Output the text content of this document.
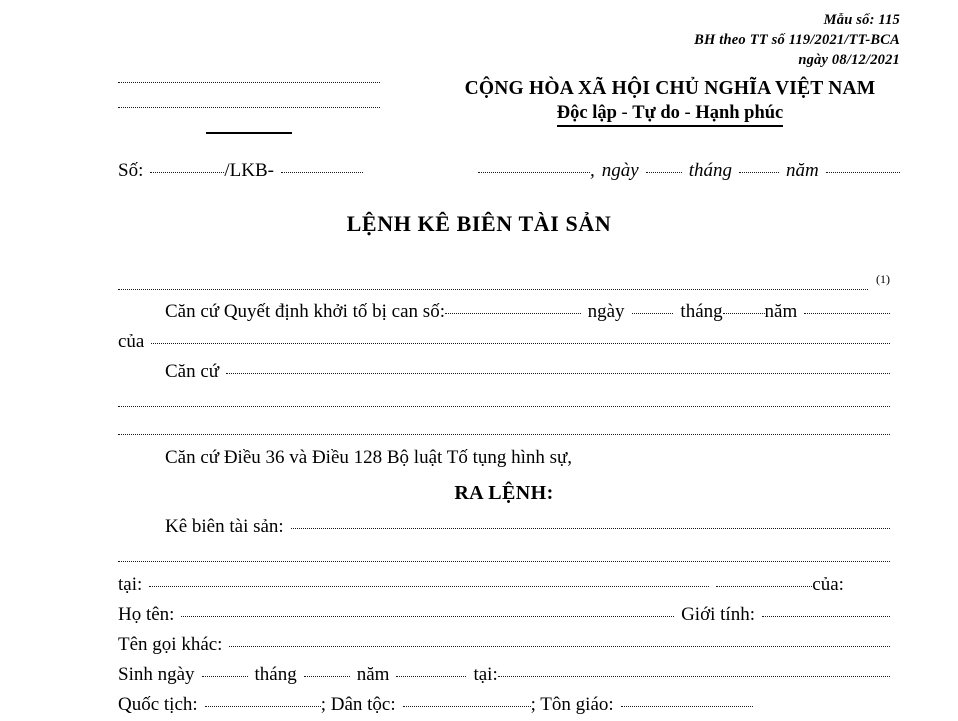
Mẫu số: 115
BH theo TT số 119/2021/TT-BCA
ngày 08/12/2021
CỘNG HÒA XÃ HỘI CHỦ NGHĨA VIỆT NAM
Độc lập - Tự do - Hạnh phúc
Số:	/LKB-	, ngày	tháng	năm
LỆNH KÊ BIÊN TÀI SẢN
(1)
Căn cứ Quyết định khởi tố bị can số:	ngày	tháng năm
của
Căn cứ
Căn cứ Điều 36 và Điều 128 Bộ luật Tố tụng hình sự,
RA LỆNH:
Kê biên tài sản:
tại:	của:
Họ tên:	Giới tính:
Tên gọi khác:
Sinh ngày	tháng	năm	tại:
Quốc tịch:	; Dân tộc:	; Tôn giáo:
